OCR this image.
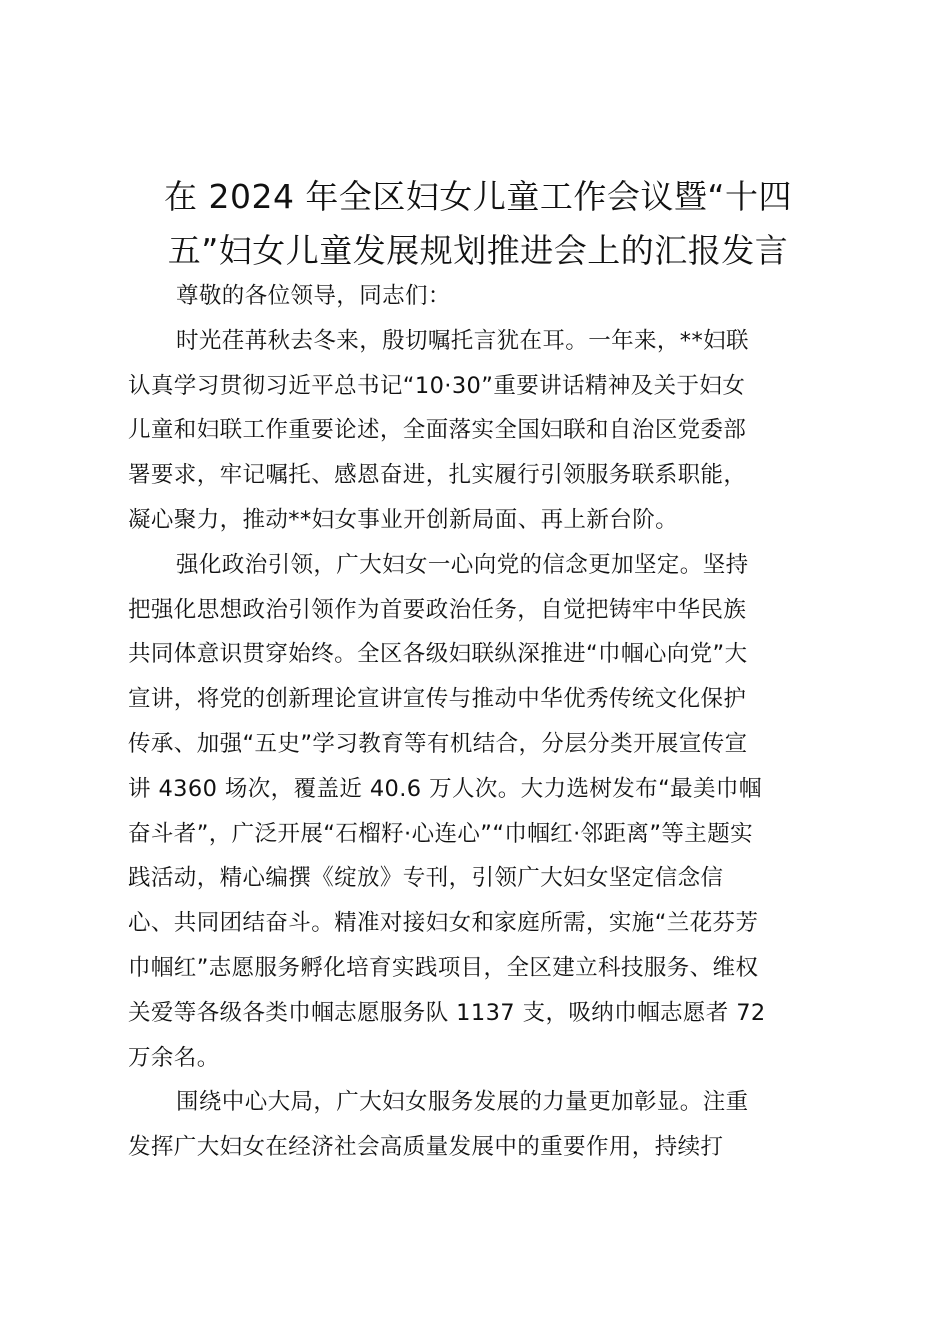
在 2024 年全区妇女儿童工作会议暨“十四
五”妇女儿童发展规划推进会上的汇报发言

尊敬的各位领导，同志们：

时光荏苒秋去冬来，殷切嘱托言犹在耳。一年来，**妇联
认真学习贯彻习近平总书记“10·30”重要讲话精神及关于妇女
儿童和妇联工作重要论述，全面落实全国妇联和自治区党委部
署要求，牢记嘱托、感恩奋进，扎实履行引领服务联系职能，
凝心聚力，推动**妇女事业开创新局面、再上新台阶。

强化政治引领，广大妇女一心向党的信念更加坚定。坚持
把强化思想政治引领作为首要政治任务，自觉把铸牢中华民族
共同体意识贯穿始终。全区各级妇联纵深推进“巾帼心向党”大
宣讲，将党的创新理论宣讲宣传与推动中华优秀传统文化保护
传承、加强“五史”学习教育等有机结合，分层分类开展宣传宣
讲 4360 场次，覆盖近 40.6 万人次。大力选树发布“最美巾帼
奋斗者”，广泛开展“石榴籽·心连心”“巾帼红·邻距离”等主题实
践活动，精心编撰《绽放》专刊，引领广大妇女坚定信念信
心、共同团结奋斗。精准对接妇女和家庭所需，实施“兰花芬芳
巾帼红”志愿服务孵化培育实践项目，全区建立科技服务、维权
关爱等各级各类巾帼志愿服务队 1137 支，吸纳巾帼志愿者 72
万余名。

围绕中心大局，广大妇女服务发展的力量更加彰显。注重
发挥广大妇女在经济社会高质量发展中的重要作用，持续打
